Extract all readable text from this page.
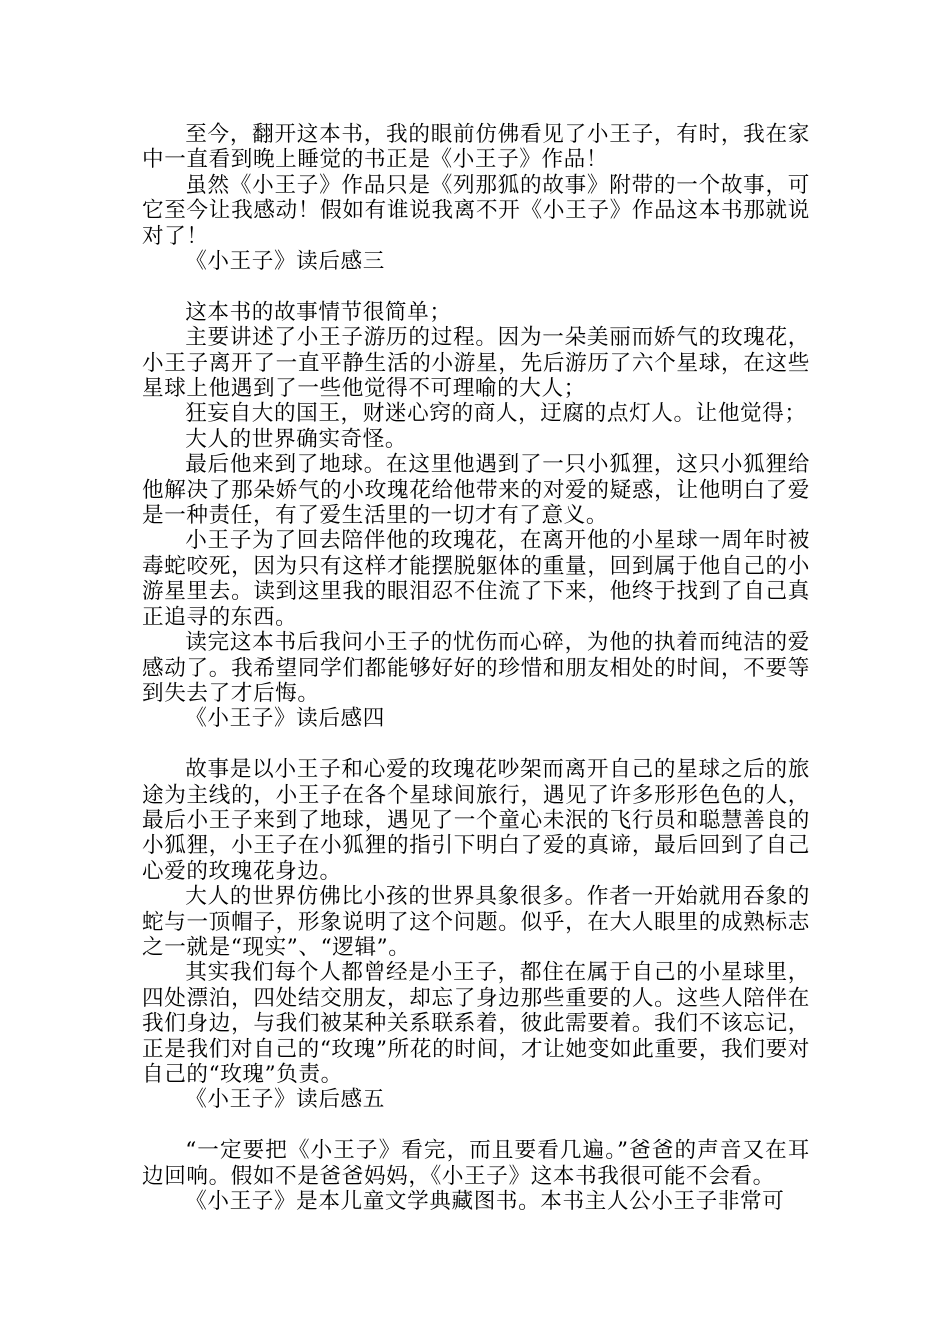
至今，翻开这本书，我的眼前仿佛看见了小王子，有时，我在家中一直看到晚上睡觉的书正是《小王子》作品！

虽然《小王子》作品只是《列那狐的故事》附带的一个故事，可它至今让我感动！假如有谁说我离不开《小王子》作品这本书那就说对了！

《小王子》读后感三

这本书的故事情节很简单；

主要讲述了小王子游历的过程。因为一朵美丽而娇气的玫瑰花，小王子离开了一直平静生活的小游星，先后游历了六个星球，在这些星球上他遇到了一些他觉得不可理喻的大人；

狂妄自大的国王，财迷心窍的商人，迂腐的点灯人。让他觉得；

大人的世界确实奇怪。

最后他来到了地球。在这里他遇到了一只小狐狸，这只小狐狸给他解决了那朵娇气的小玫瑰花给他带来的对爱的疑惑，让他明白了爱是一种责任，有了爱生活里的一切才有了意义。

小王子为了回去陪伴他的玫瑰花，在离开他的小星球一周年时被毒蛇咬死，因为只有这样才能摆脱躯体的重量，回到属于他自己的小游星里去。读到这里我的眼泪忍不住流了下来，他终于找到了自己真正追寻的东西。

读完这本书后我问小王子的忧伤而心碎，为他的执着而纯洁的爱感动了。我希望同学们都能够好好的珍惜和朋友相处的时间，不要等到失去了才后悔。

《小王子》读后感四

故事是以小王子和心爱的玫瑰花吵架而离开自己的星球之后的旅途为主线的，小王子在各个星球间旅行，遇见了许多形形色色的人，最后小王子来到了地球，遇见了一个童心未泯的飞行员和聪慧善良的小狐狸，小王子在小狐狸的指引下明白了爱的真谛，最后回到了自己心爱的玫瑰花身边。

大人的世界仿佛比小孩的世界具象很多。作者一开始就用吞象的蛇与一顶帽子，形象说明了这个问题。似乎，在大人眼里的成熟标志之一就是“现实”、“逻辑”。

其实我们每个人都曾经是小王子，都住在属于自己的小星球里，四处漂泊，四处结交朋友，却忘了身边那些重要的人。这些人陪伴在我们身边，与我们被某种关系联系着，彼此需要着。我们不该忘记，正是我们对自己的“玫瑰”所花的时间，才让她变如此重要，我们要对自己的“玫瑰”负责。

《小王子》读后感五

“一定要把《小王子》看完，而且要看几遍。”爸爸的声音又在耳边回响。假如不是爸爸妈妈，《小王子》这本书我很可能不会看。

《小王子》是本儿童文学典藏图书。本书主人公小王子非常可
